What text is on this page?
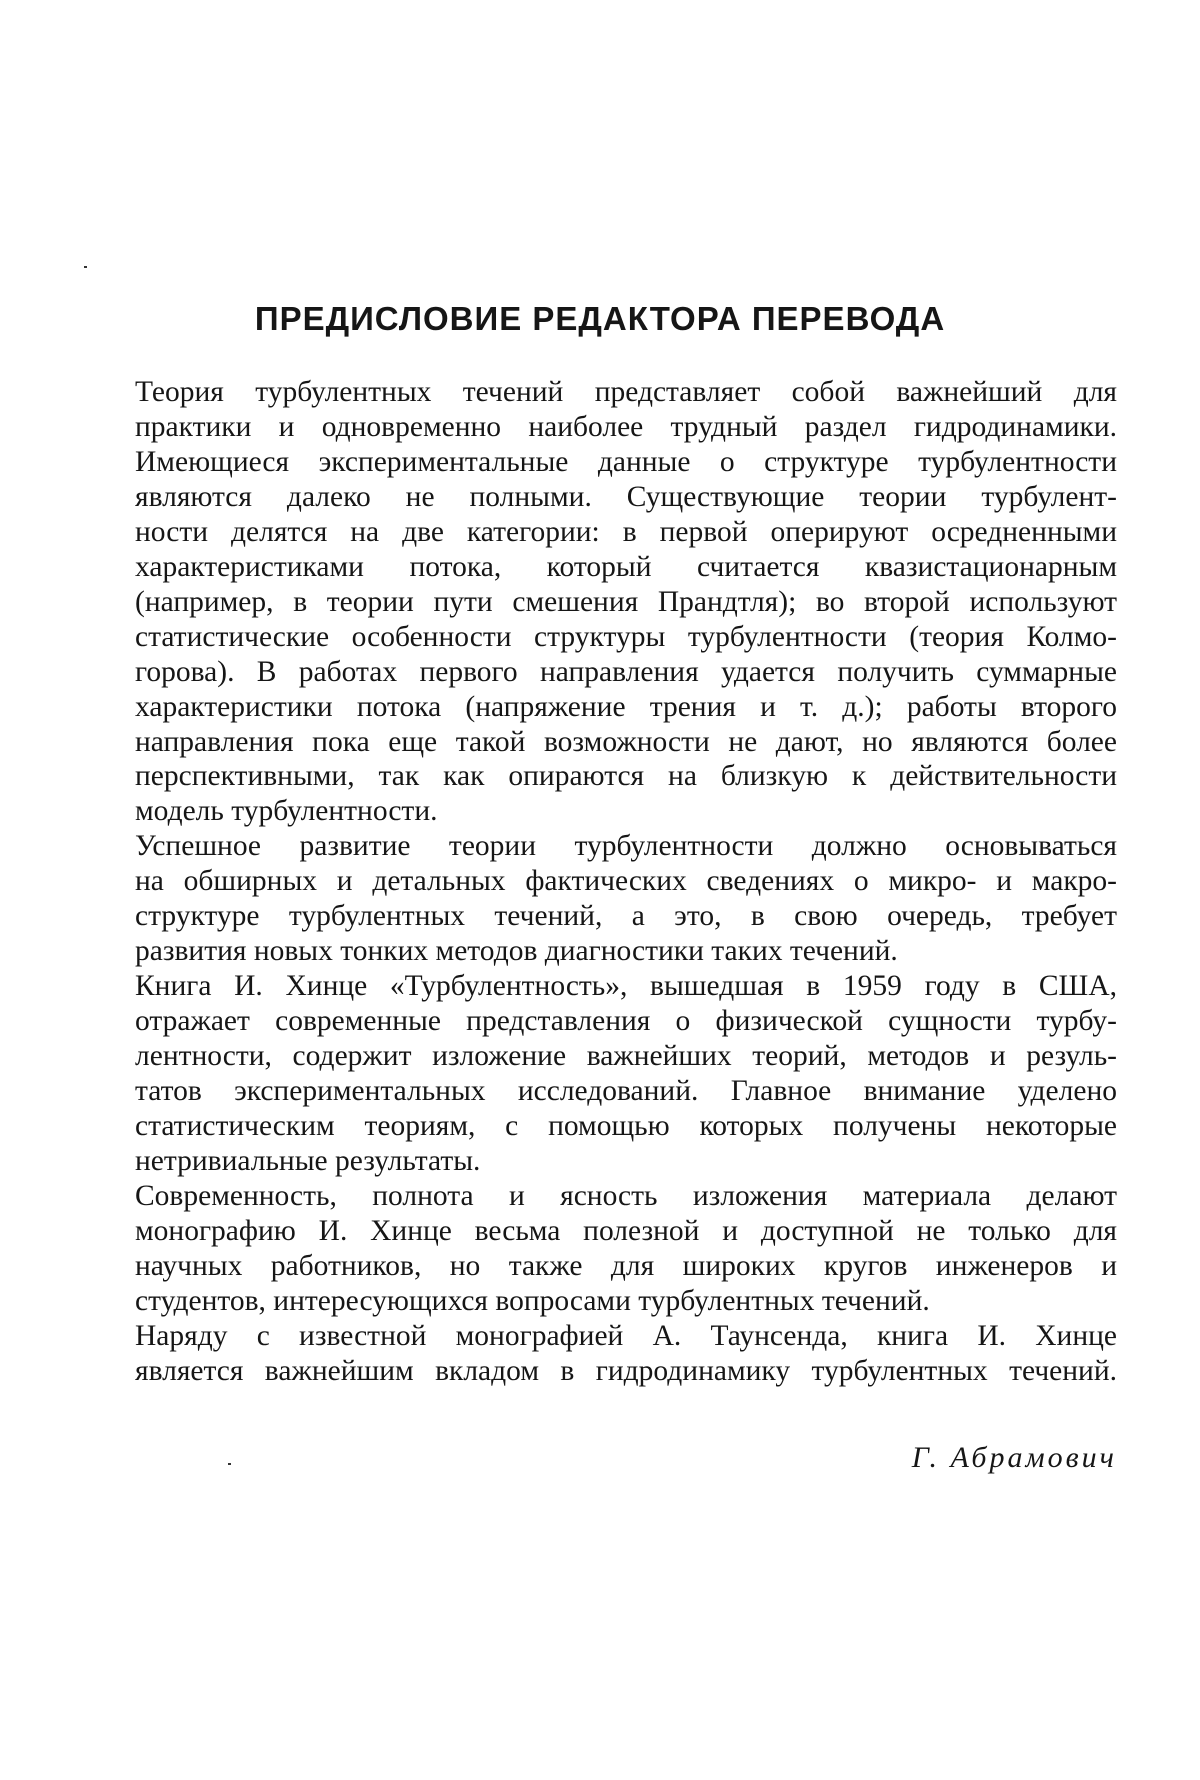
ПРЕДИСЛОВИЕ РЕДАКТОРА ПЕРЕВОДА
Теория турбулентных течений представляет собой важнейший для
практики и одновременно наиболее трудный раздел гидродинамики.
Имеющиеся экспериментальные данные о структуре турбулентности
являются далеко не полными. Существующие теории турбулент-
ности делятся на две категории: в первой оперируют осредненными
характеристиками потока, который считается квазистационарным
(например, в теории пути смешения Прандтля); во второй используют
статистические особенности структуры турбулентности (теория Колмо-
горова). В работах первого направления удается получить суммарные
характеристики потока (напряжение трения и т. д.); работы второго
направления пока еще такой возможности не дают, но являются более
перспективными, так как опираются на близкую к действительности
модель турбулентности.
Успешное развитие теории турбулентности должно основываться
на обширных и детальных фактических сведениях о микро- и макро-
структуре турбулентных течений, а это, в свою очередь, требует
развития новых тонких методов диагностики таких течений.
Книга И. Хинце «Турбулентность», вышедшая в 1959 году в США,
отражает современные представления о физической сущности турбу-
лентности, содержит изложение важнейших теорий, методов и резуль-
татов экспериментальных исследований. Главное внимание уделено
статистическим теориям, с помощью которых получены некоторые
нетривиальные результаты.
Современность, полнота и ясность изложения материала делают
монографию И. Хинце весьма полезной и доступной не только для
научных работников, но также для широких кругов инженеров и
студентов, интересующихся вопросами турбулентных течений.
Наряду с известной монографией А. Таунсенда, книга И. Хинце
является важнейшим вкладом в гидродинамику турбулентных течений.
Г. Абрамович
